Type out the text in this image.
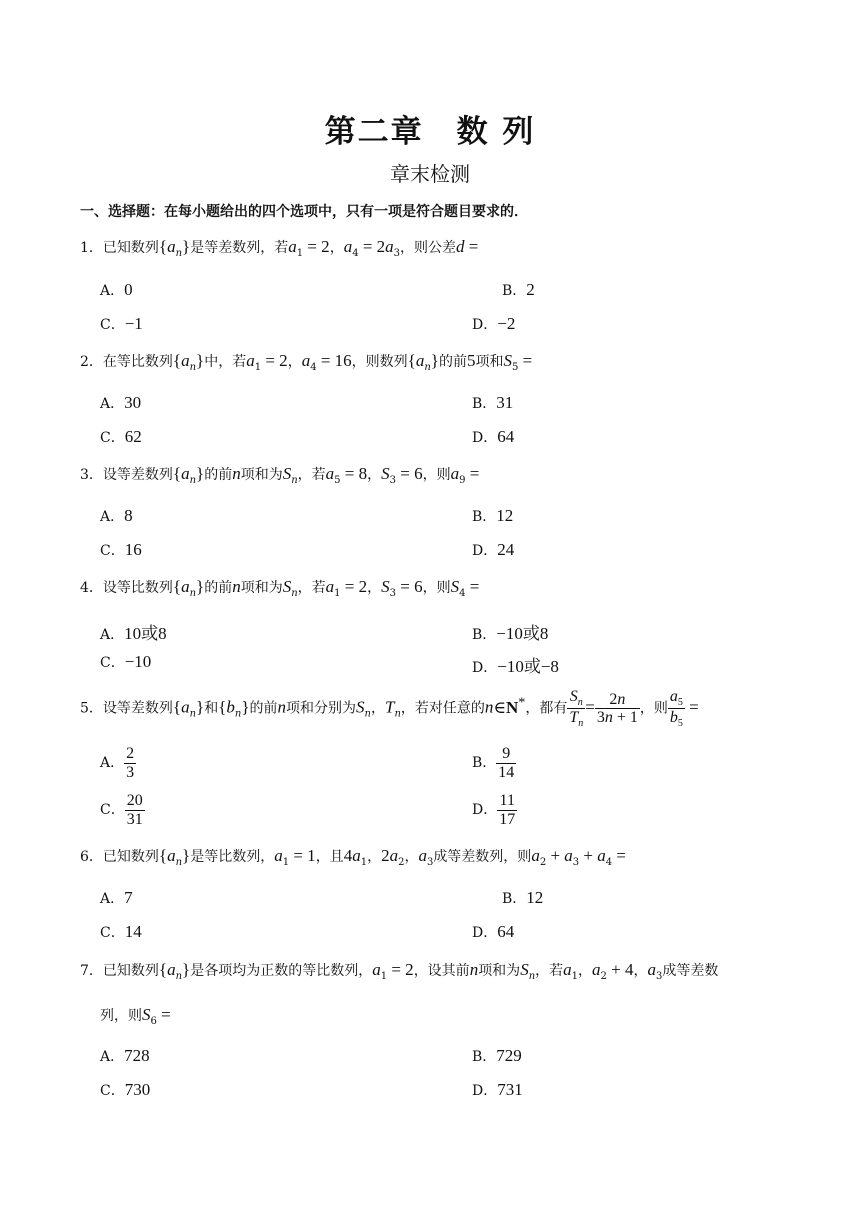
第二章　数 列
章末检测
一、选择题：在每小题给出的四个选项中，只有一项是符合题目要求的．
1．已知数列$\{a_n\}$是等差数列，若$a_1 = 2$，$a_4 = 2a_3$，则公差d =
A．0	B．2
C．−1	D．−2
2．在等比数列$\{a_n\}$中，若$a_1 = 2$，$a_4 = 16$，则数列$\{a_n\}$的前5项和$S_5$ =
A．30	B．31
C．62	D．64
3．设等差数列$\{a_n\}$的前n项和为$S_n$，若$a_5 = 8$，$S_3 = 6$，则$a_9$ =
A．8	B．12
C．16	D．24
4．设等比数列$\{a_n\}$的前n项和为$S_n$，若$a_1 = 2$，$S_3 = 6$，则$S_4$ =
A．10或8	B．−10或8
C．−10	D．−10或−8
5．设等差数列$\{a_n\}$和$\{b_n\}$的前n项和分别为$S_n$，$T_n$，若对任意的n∈N*，都有 $\frac{S_n}{T_n} = \frac{2n}{3n + 1}$ ，则 $\frac{a_5}{b_5}$ =
A． $\frac{2}{3}$	B． $\frac{9}{14}$
C． $\frac{20}{31}$	D． $\frac{11}{17}$
6．已知数列$\{a_n\}$是等比数列，$a_1 = 1$，且$4a_1$，$2a_2$，$a_3$成等差数列，则$a_2 + a_3 + a_4$ =
A．7	B．12
C．14	D．64
7．已知数列$\{a_n\}$是各项均为正数的等比数列，$a_1 = 2$，设其前n项和为$S_n$，若$a_1$，$a_2 + 4$，$a_3$成等差数
列，则$S_6$ =
A．728	B．729
C．730	D．731
